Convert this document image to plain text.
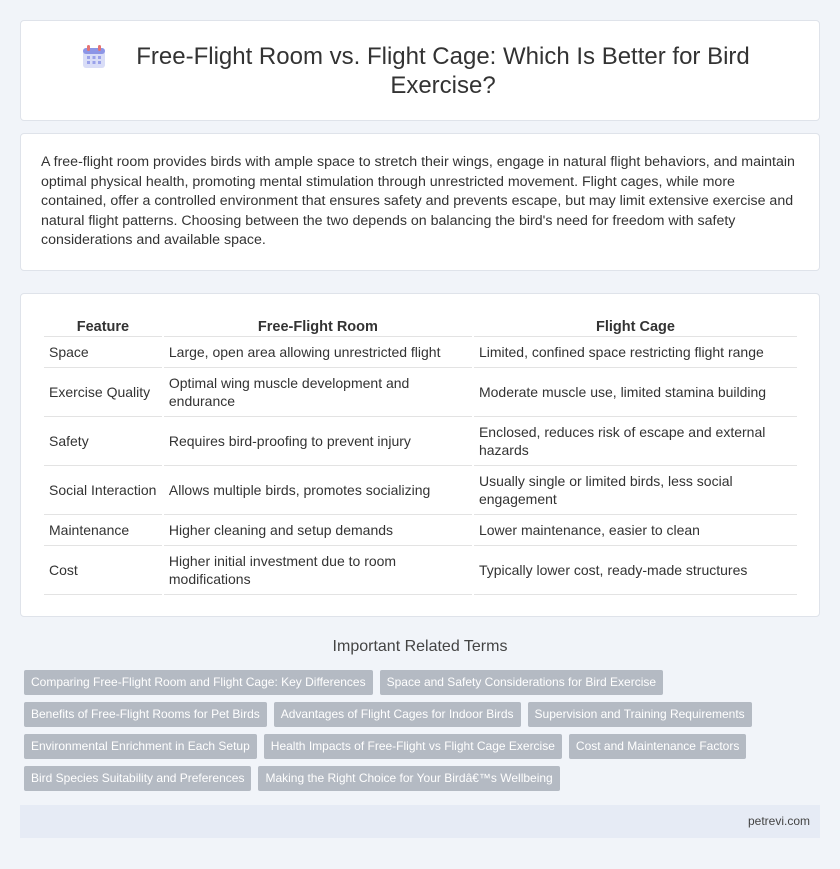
Free-Flight Room vs. Flight Cage: Which Is Better for Bird Exercise?

A free-flight room provides birds with ample space to stretch their wings, engage in natural flight behaviors, and maintain optimal physical health, promoting mental stimulation through unrestricted movement. Flight cages, while more contained, offer a controlled environment that ensures safety and prevents escape, but may limit extensive exercise and natural flight patterns. Choosing between the two depends on balancing the bird's need for freedom with safety considerations and available space.

Feature	Free-Flight Room	Flight Cage
Space	Large, open area allowing unrestricted flight	Limited, confined space restricting flight range
Exercise Quality	Optimal wing muscle development and endurance	Moderate muscle use, limited stamina building
Safety	Requires bird-proofing to prevent injury	Enclosed, reduces risk of escape and external hazards
Social Interaction	Allows multiple birds, promotes socializing	Usually single or limited birds, less social engagement
Maintenance	Higher cleaning and setup demands	Lower maintenance, easier to clean
Cost	Higher initial investment due to room modifications	Typically lower cost, ready-made structures
Important Related Terms
Comparing Free-Flight Room and Flight Cage: Key Differences	Space and Safety Considerations for Bird Exercise
Benefits of Free-Flight Rooms for Pet Birds	Advantages of Flight Cages for Indoor Birds	Supervision and Training Requirements
Environmental Enrichment in Each Setup	Health Impacts of Free-Flight vs Flight Cage Exercise	Cost and Maintenance Factors
Bird Species Suitability and Preferences	Making the Right Choice for Your Birdâ€™s Wellbeing
petrevi.com
